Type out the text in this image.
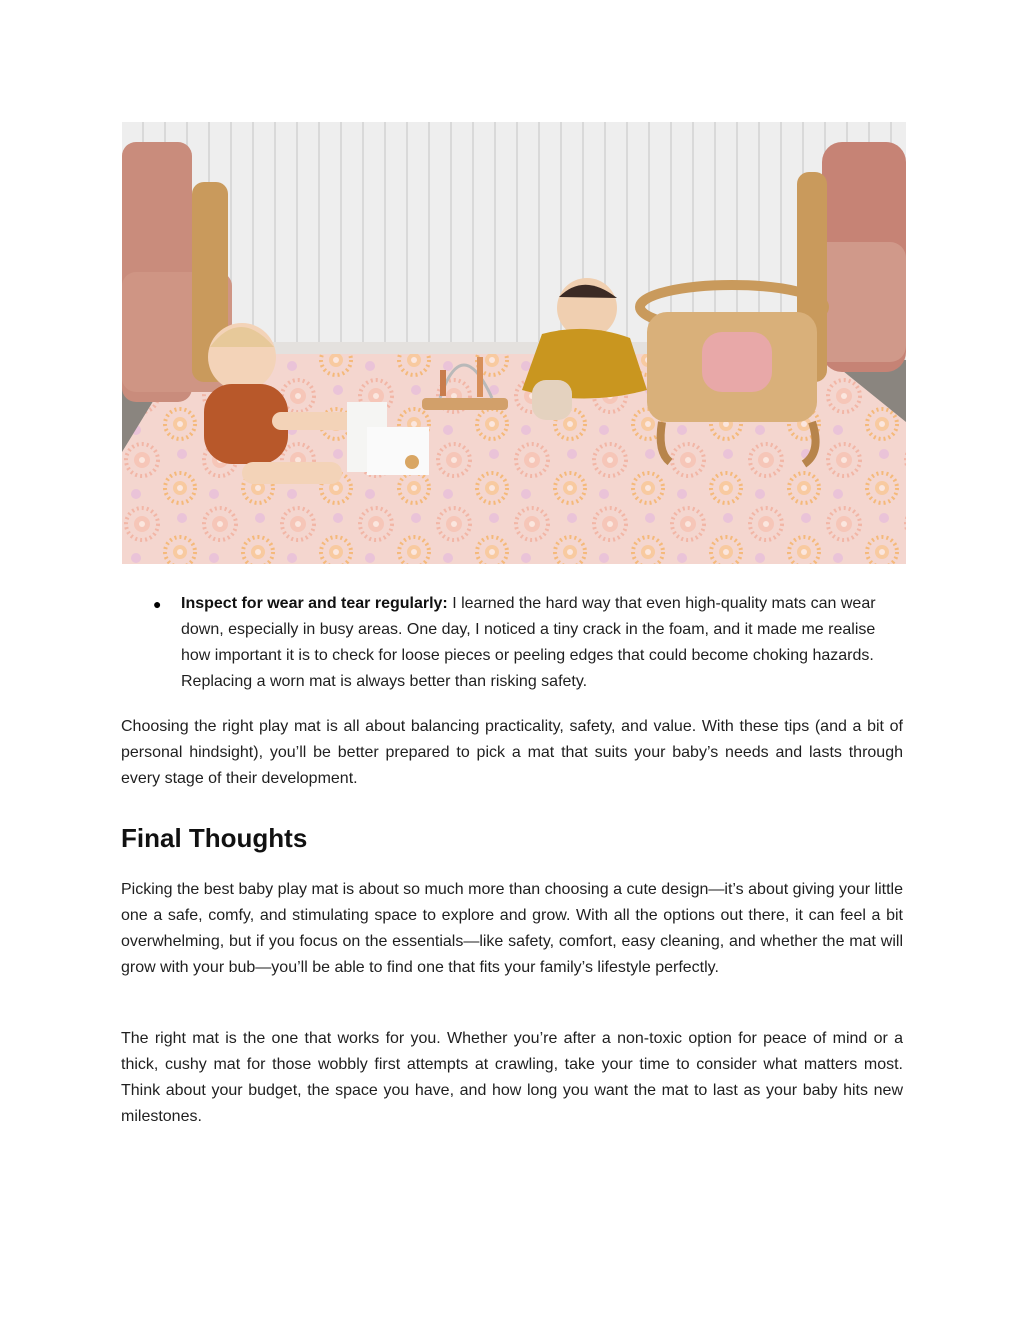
● Inspect for wear and tear regularly: I learned the hard way that even high-quality mats can wear down, especially in busy areas. One day, I noticed a tiny crack in the foam, and it made me realise how important it is to check for loose pieces or peeling edges that could become choking hazards. Replacing a worn mat is always better than risking safety.

Choosing the right play mat is all about balancing practicality, safety, and value. With these tips (and a bit of personal hindsight), you’ll be better prepared to pick a mat that suits your baby’s needs and lasts through every stage of their development.

Final Thoughts

Picking the best baby play mat is about so much more than choosing a cute design—it’s about giving your little one a safe, comfy, and stimulating space to explore and grow. With all the options out there, it can feel a bit overwhelming, but if you focus on the essentials—like safety, comfort, easy cleaning, and whether the mat will grow with your bub—you’ll be able to find one that fits your family’s lifestyle perfectly.

The right mat is the one that works for you. Whether you’re after a non-toxic option for peace of mind or a thick, cushy mat for those wobbly first attempts at crawling, take your time to consider what matters most. Think about your budget, the space you have, and how long you want the mat to last as your baby hits new milestones.
